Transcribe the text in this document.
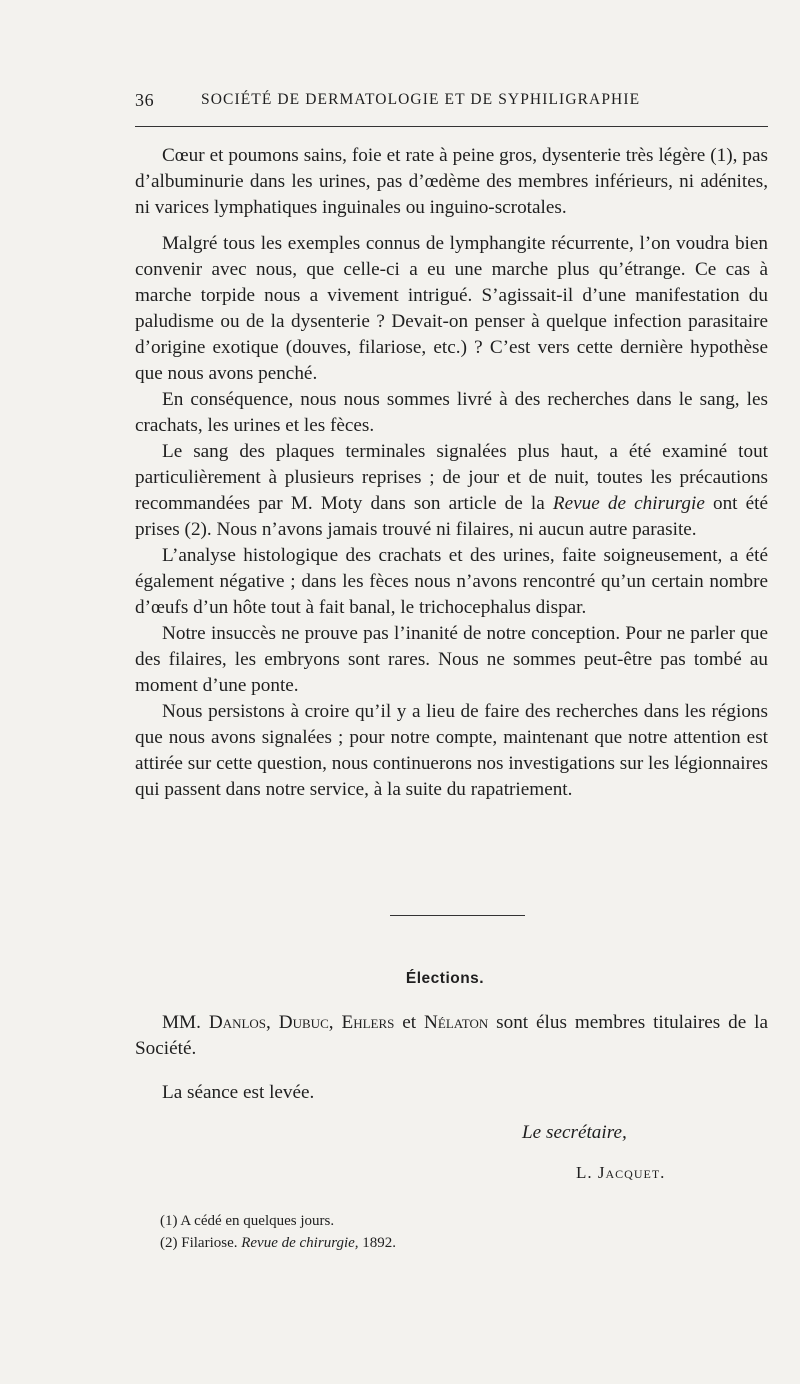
36	SOCIÉTÉ DE DERMATOLOGIE ET DE SYPHILIGRAPHIE

Cœur et poumons sains, foie et rate à peine gros, dysenterie très légère (1), pas d’albuminurie dans les urines, pas d’œdème des membres inférieurs, ni adénites, ni varices lymphatiques inguinales ou inguino-scrotales.

Malgré tous les exemples connus de lymphangite récurrente, l’on voudra bien convenir avec nous, que celle-ci a eu une marche plus qu’étrange. Ce cas à marche torpide nous a vivement intrigué. S’agissait-il d’une manifestation du paludisme ou de la dysenterie ? Devait-on penser à quelque infection parasitaire d’origine exotique (douves, filariose, etc.) ? C’est vers cette dernière hypothèse que nous avons penché.

En conséquence, nous nous sommes livré à des recherches dans le sang, les crachats, les urines et les fèces.

Le sang des plaques terminales signalées plus haut, a été examiné tout particulièrement à plusieurs reprises ; de jour et de nuit, toutes les précautions recommandées par M. Moty dans son article de la Revue de chirurgie ont été prises (2). Nous n’avons jamais trouvé ni filaires, ni aucun autre parasite.

L’analyse histologique des crachats et des urines, faite soigneusement, a été également négative ; dans les fèces nous n’avons rencontré qu’un certain nombre d’œufs d’un hôte tout à fait banal, le trichocephalus dispar.

Notre insuccès ne prouve pas l’inanité de notre conception. Pour ne parler que des filaires, les embryons sont rares. Nous ne sommes peut-être pas tombé au moment d’une ponte.

Nous persistons à croire qu’il y a lieu de faire des recherches dans les régions que nous avons signalées ; pour notre compte, maintenant que notre attention est attirée sur cette question, nous continuerons nos investigations sur les légionnaires qui passent dans notre service, à la suite du rapatriement.

Élections.

MM. Danlos, Dubuc, Ehlers et Nélaton sont élus membres titulaires de la Société.

La séance est levée.
Le secrétaire,
L. Jacquet.
(1) A cédé en quelques jours.
(2) Filariose. Revue de chirurgie, 1892.
